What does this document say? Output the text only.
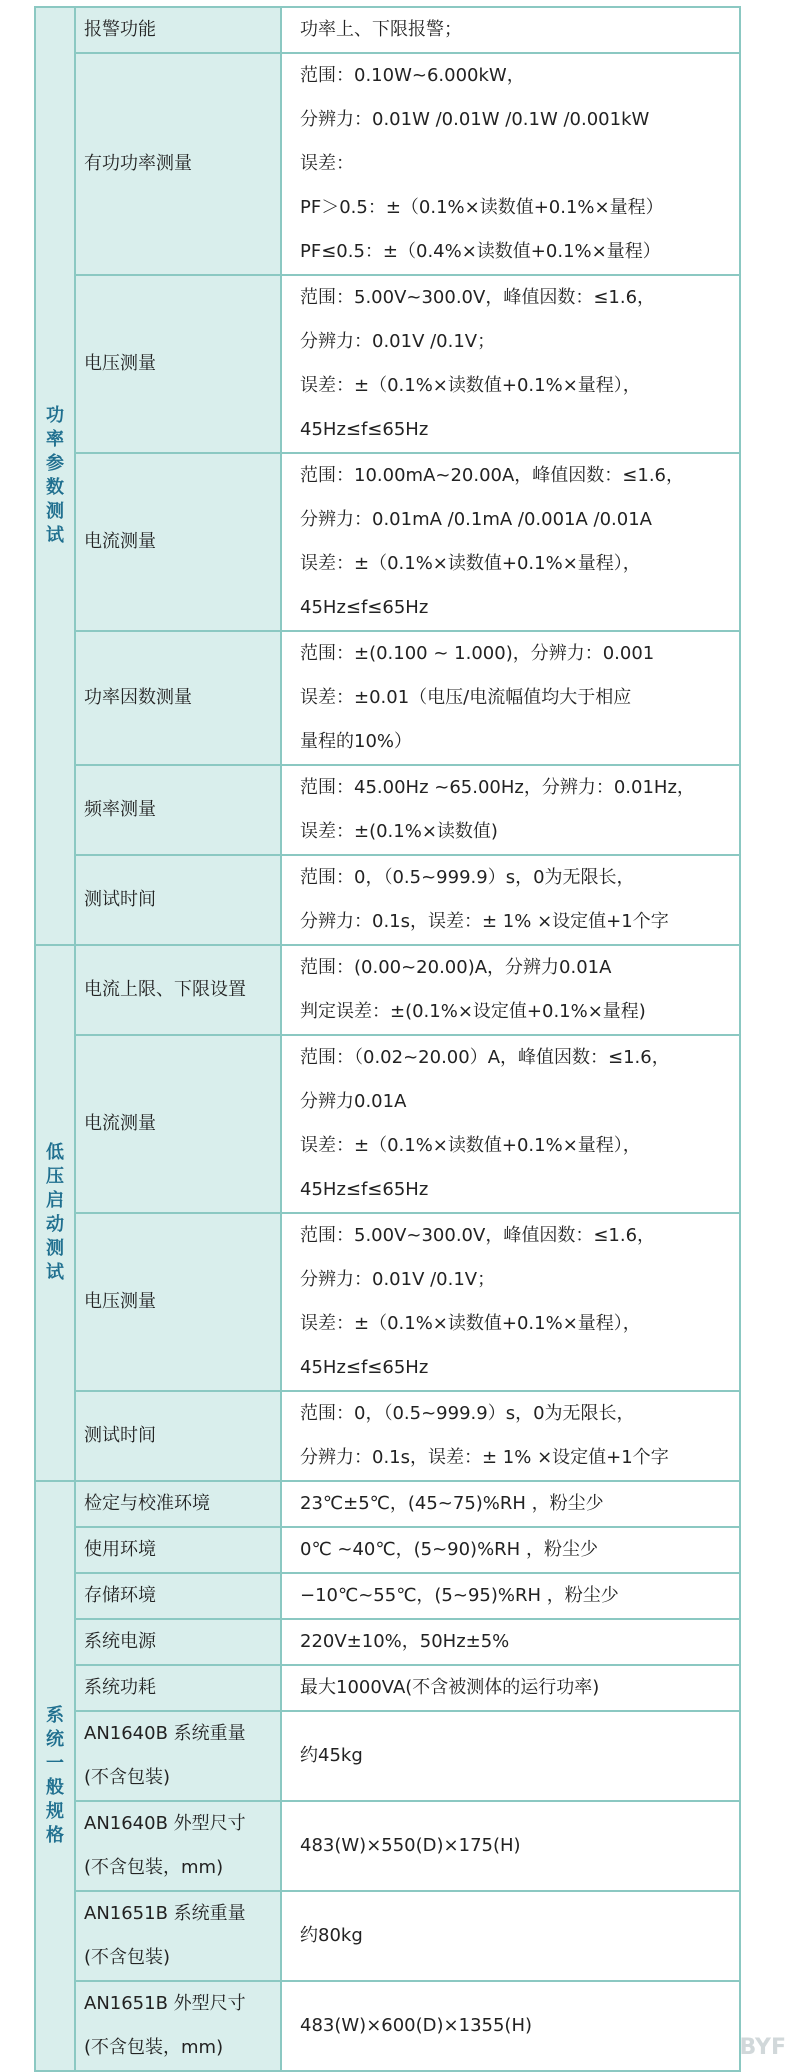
功率参数测试	报警功能	功率上、下限报警；

	有功功率测量	范围：0.10W~6.000kW，
分辨力：0.01W /0.01W /0.1W /0.001kW
误差：
PF＞0.5：±（0.1%×读数值+0.1%×量程）
PF≤0.5：±（0.4%×读数值+0.1%×量程）

	电压测量	范围：5.00V~300.0V，峰值因数：≤1.6，
分辨力：0.01V /0.1V；
误差：±（0.1%×读数值+0.1%×量程），
45Hz≤f≤65Hz

	电流测量	范围：10.00mA~20.00A，峰值因数：≤1.6，
分辨力：0.01mA /0.1mA /0.001A /0.01A
误差：±（0.1%×读数值+0.1%×量程），
45Hz≤f≤65Hz

	功率因数测量	范围：±(0.100 ~ 1.000)，分辨力：0.001
误差：±0.01（电压/电流幅值均大于相应
量程的10%）

	频率测量	范围：45.00Hz ~65.00Hz，分辨力：0.01Hz，
误差：±(0.1%×读数值)

	测试时间	范围：0，（0.5~999.9）s，0为无限长，
分辨力：0.1s，误差：± 1% ×设定值+1个字

低压启动测试	电流上限、下限设置	范围：(0.00~20.00)A，分辨力0.01A
判定误差：±(0.1%×设定值+0.1%×量程)

	电流测量	范围：（0.02~20.00）A，峰值因数：≤1.6，
分辨力0.01A
误差：±（0.1%×读数值+0.1%×量程），
45Hz≤f≤65Hz

	电压测量	范围：5.00V~300.0V，峰值因数：≤1.6，
分辨力：0.01V /0.1V；
误差：±（0.1%×读数值+0.1%×量程），
45Hz≤f≤65Hz

	测试时间	范围：0，（0.5~999.9）s，0为无限长，
分辨力：0.1s，误差：± 1% ×设定值+1个字

系统一般规格	检定与校准环境	23℃±5℃，(45~75)%RH ，粉尘少

	使用环境	0℃ ~40℃，(5~90)%RH ，粉尘少

	存储环境	−10℃~55℃，(5~95)%RH ，粉尘少

	系统电源	220V±10%，50Hz±5%

	系统功耗	最大1000VA(不含被测体的运行功率)

	AN1640B 系统重量
(不含包装)	约45kg

	AN1640B 外型尺寸
(不含包装，mm)	483(W)×550(D)×175(H)

	AN1651B 系统重量
(不含包装)	约80kg

	AN1651B 外型尺寸
(不含包装，mm)	483(W)×600(D)×1355(H)
BYF
